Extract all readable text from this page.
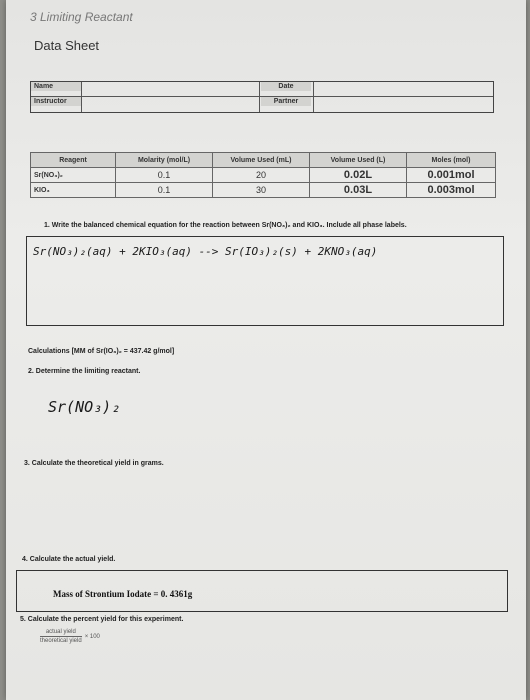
3 Limiting Reactant
Data Sheet
Name
Instructor
Date
Partner
Reagent	Molarity (mol/L)	Volume Used (mL)	Volume Used (L)	Moles (mol)
Sr(NO₃)₂	0.1	20	0.02L	0.001mol
KIO₃	0.1	30	0.03L	0.003mol
1. Write the balanced chemical equation for the reaction between Sr(NO₃)₂ and KIO₃. Include all phase labels.
Sr(NO₃)₂(aq) + 2KIO₃(aq) --> Sr(IO₃)₂(s) + 2KNO₃(aq)
Calculations [MM of Sr(IO₃)₂ = 437.42 g/mol]
2. Determine the limiting reactant.
Sr(NO₃)₂
3. Calculate the theoretical yield in grams.
4. Calculate the actual yield.
Mass of Strontium Iodate = 0. 4361g
5. Calculate the percent yield for this experiment.
$\frac{\text{actual yield}}{\text{theoretical yield}} \times 100$
